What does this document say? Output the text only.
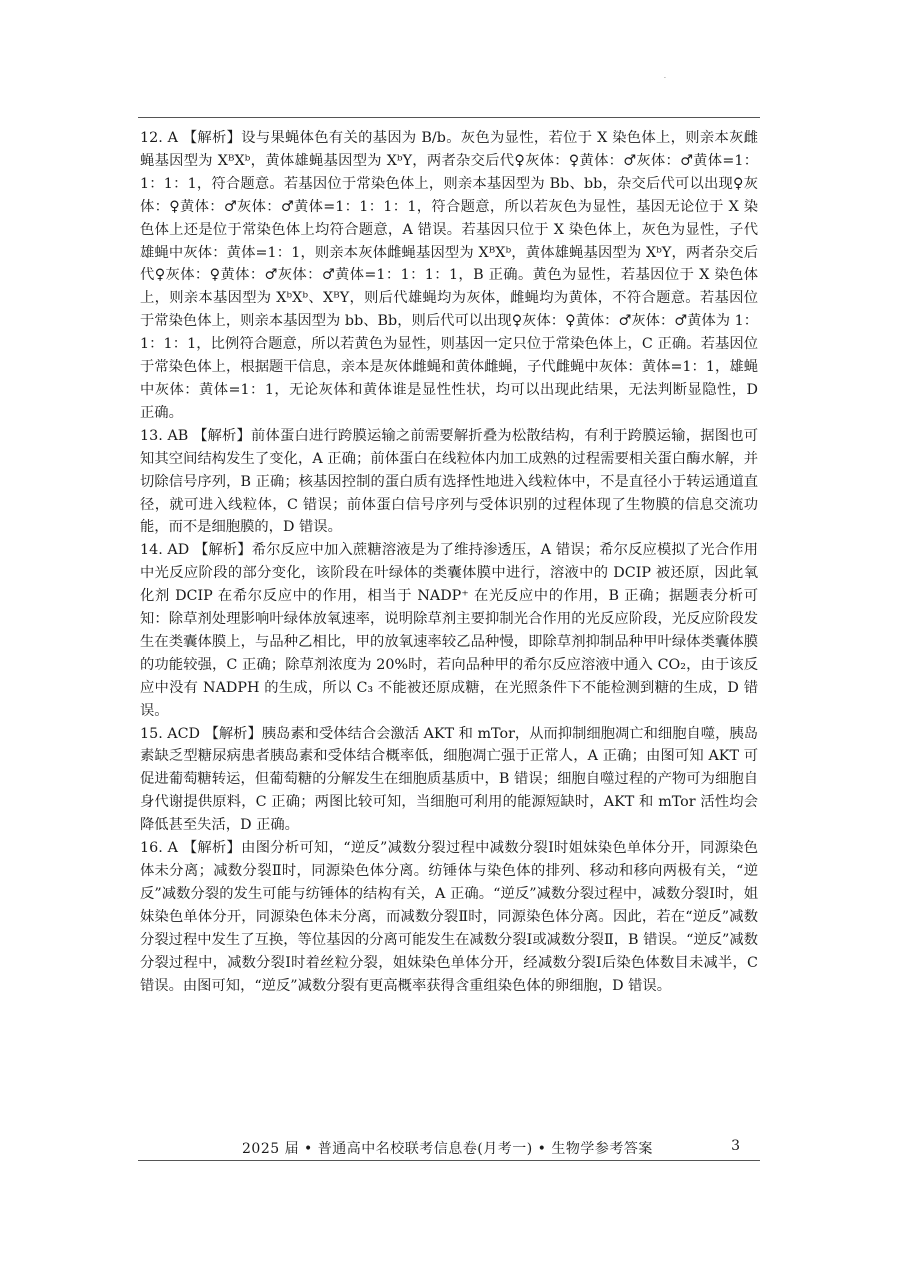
.

12. A 【解析】设与果蝇体色有关的基因为 B/b。灰色为显性，若位于 X 染色体上，则亲本灰雌蝇基因型为 XᴮXᵇ，黄体雄蝇基因型为 XᵇY，两者杂交后代♀灰体：♀黄体：♂灰体：♂黄体=1：1：1：1，符合题意。若基因位于常染色体上，则亲本基因型为 Bb、bb，杂交后代可以出现♀灰体：♀黄体：♂灰体：♂黄体=1：1：1：1，符合题意，所以若灰色为显性，基因无论位于 X 染色体上还是位于常染色体上均符合题意，A 错误。若基因只位于 X 染色体上，灰色为显性，子代雄蝇中灰体：黄体=1：1，则亲本灰体雌蝇基因型为 XᴮXᵇ，黄体雄蝇基因型为 XᵇY，两者杂交后代♀灰体：♀黄体：♂灰体：♂黄体=1：1：1：1，B 正确。黄色为显性，若基因位于 X 染色体上，则亲本基因型为 XᵇXᵇ、XᴮY，则后代雄蝇均为灰体，雌蝇均为黄体，不符合题意。若基因位于常染色体上，则亲本基因型为 bb、Bb，则后代可以出现♀灰体：♀黄体：♂灰体：♂黄体为 1：1：1：1，比例符合题意，所以若黄色为显性，则基因一定只位于常染色体上，C 正确。若基因位于常染色体上，根据题干信息，亲本是灰体雌蝇和黄体雌蝇，子代雌蝇中灰体：黄体=1：1，雄蝇中灰体：黄体=1：1，无论灰体和黄体谁是显性性状，均可以出现此结果，无法判断显隐性，D 正确。

13. AB 【解析】前体蛋白进行跨膜运输之前需要解折叠为松散结构，有利于跨膜运输，据图也可知其空间结构发生了变化，A 正确；前体蛋白在线粒体内加工成熟的过程需要相关蛋白酶水解，并切除信号序列，B 正确；核基因控制的蛋白质有选择性地进入线粒体中，不是直径小于转运通道直径，就可进入线粒体，C 错误；前体蛋白信号序列与受体识别的过程体现了生物膜的信息交流功能，而不是细胞膜的，D 错误。

14. AD 【解析】希尔反应中加入蔗糖溶液是为了维持渗透压，A 错误；希尔反应模拟了光合作用中光反应阶段的部分变化，该阶段在叶绿体的类囊体膜中进行，溶液中的 DCIP 被还原，因此氧化剂 DCIP 在希尔反应中的作用，相当于 NADP⁺ 在光反应中的作用，B 正确；据题表分析可知：除草剂处理影响叶绿体放氧速率，说明除草剂主要抑制光合作用的光反应阶段，光反应阶段发生在类囊体膜上，与品种乙相比，甲的放氧速率较乙品种慢，即除草剂抑制品种甲叶绿体类囊体膜的功能较强，C 正确；除草剂浓度为 20%时，若向品种甲的希尔反应溶液中通入 CO₂，由于该反应中没有 NADPH 的生成，所以 C₃ 不能被还原成糖，在光照条件下不能检测到糖的生成，D 错误。

15. ACD 【解析】胰岛素和受体结合会激活 AKT 和 mTor，从而抑制细胞凋亡和细胞自噬，胰岛素缺乏型糖尿病患者胰岛素和受体结合概率低，细胞凋亡强于正常人，A 正确；由图可知 AKT 可促进葡萄糖转运，但葡萄糖的分解发生在细胞质基质中，B 错误；细胞自噬过程的产物可为细胞自身代谢提供原料，C 正确；两图比较可知，当细胞可利用的能源短缺时，AKT 和 mTor 活性均会降低甚至失活，D 正确。

16. A 【解析】由图分析可知，“逆反”减数分裂过程中减数分裂Ⅰ时姐妹染色单体分开，同源染色体未分离；减数分裂Ⅱ时，同源染色体分离。纺锤体与染色体的排列、移动和移向两极有关，“逆反”减数分裂的发生可能与纺锤体的结构有关，A 正确。“逆反”减数分裂过程中，减数分裂Ⅰ时，姐妹染色单体分开，同源染色体未分离，而减数分裂Ⅱ时，同源染色体分离。因此，若在“逆反”减数分裂过程中发生了互换，等位基因的分离可能发生在减数分裂Ⅰ或减数分裂Ⅱ，B 错误。“逆反”减数分裂过程中，减数分裂Ⅰ时着丝粒分裂，姐妹染色单体分开，经减数分裂Ⅰ后染色体数目未减半，C 错误。由图可知，“逆反”减数分裂有更高概率获得含重组染色体的卵细胞，D 错误。

2025 届 • 普通高中名校联考信息卷(月考一) • 生物学参考答案	3
